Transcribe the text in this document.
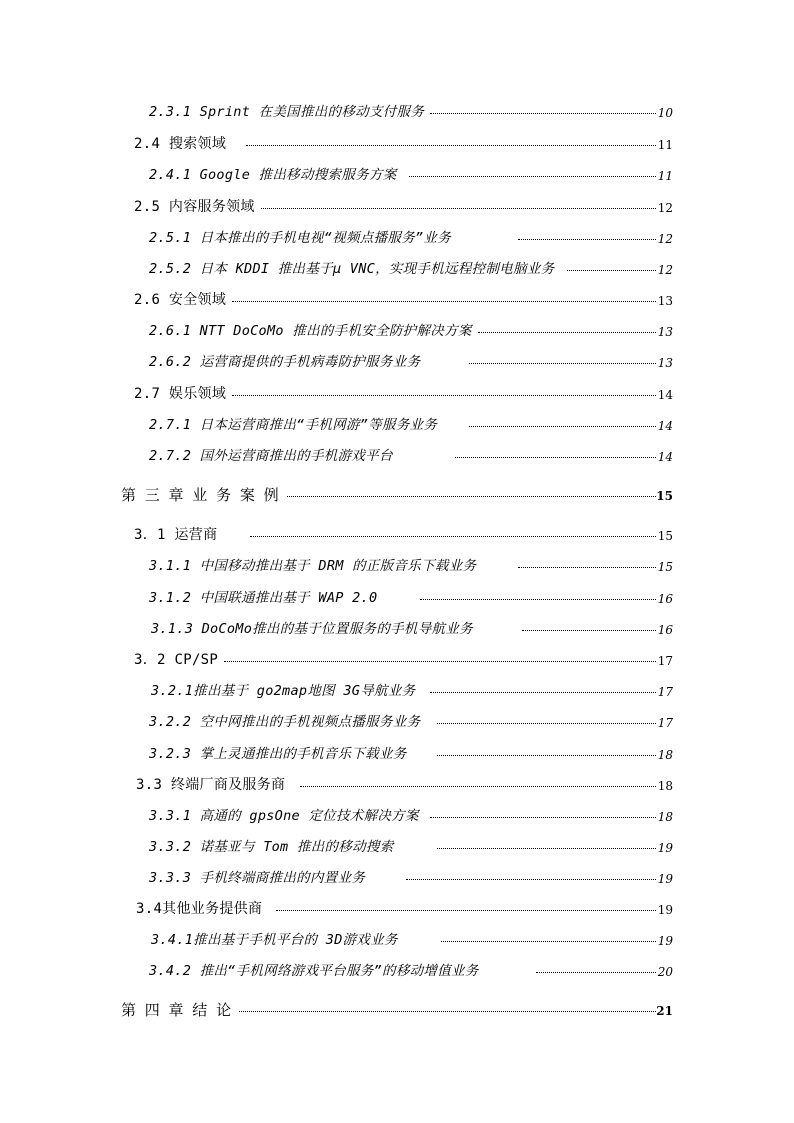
2.3.1 Sprint 在美国推出的移动支付服务	10
2.4 搜索领域	11
2.4.1 Google 推出移动搜索服务方案	11
2.5 内容服务领域	12
2.5.1 日本推出的手机电视“视频点播服务”业务	12
2.5.2 日本 KDDI 推出基于μ VNC，实现手机远程控制电脑业务	12
2.6 安全领域	13
2.6.1 NTT DoCoMo 推出的手机安全防护解决方案	13
2.6.2 运营商提供的手机病毒防护服务业务	13
2.7 娱乐领域	14
2.7.1 日本运营商推出“手机网游”等服务业务	14
2.7.2 国外运营商推出的手机游戏平台	14
第 三 章 业 务 案 例	15
3．1 运营商	15
3.1.1 中国移动推出基于 DRM 的正版音乐下载业务	15
3.1.2 中国联通推出基于 WAP 2.0	16
3.1.3 DoCoMo推出的基于位置服务的手机导航业务	16
3．2 CP/SP	17
3.2.1推出基于 go2map地图 3G导航业务	17
3.2.2 空中网推出的手机视频点播服务业务	17
3.2.3 掌上灵通推出的手机音乐下载业务	18
3.3 终端厂商及服务商	18
3.3.1 高通的 gpsOne 定位技术解决方案	18
3.3.2 诺基亚与 Tom 推出的移动搜索	19
3.3.3 手机终端商推出的内置业务	19
3.4其他业务提供商	19
3.4.1推出基于手机平台的 3D游戏业务	19
3.4.2 推出“手机网络游戏平台服务”的移动增值业务	20
第 四 章 结 论	21
